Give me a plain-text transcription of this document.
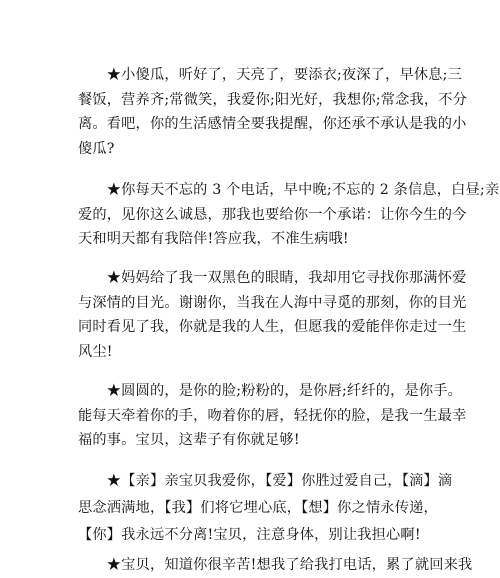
　　★小傻瓜，听好了，天亮了，要添衣;夜深了，早休息;三
餐饭，营养齐;常微笑，我爱你;阳光好，我想你;常念我，不分
离。看吧，你的生活感情全要我提醒，你还承不承认是我的小
傻瓜?
　　★你每天不忘的 3 个电话，早中晚;不忘的 2 条信息，白昼;亲
爱的，见你这么诚恳，那我也要给你一个承诺：让你今生的今
天和明天都有我陪伴!答应我，不准生病哦!
　　★妈妈给了我一双黑色的眼睛，我却用它寻找你那满怀爱
与深情的目光。谢谢你，当我在人海中寻觅的那刻，你的目光
同时看见了我，你就是我的人生，但愿我的爱能伴你走过一生
风尘!
　　★圆圆的，是你的脸;粉粉的，是你唇;纤纤的，是你手。
能每天牵着你的手，吻着你的唇，轻抚你的脸，是我一生最幸
福的事。宝贝，这辈子有你就足够!
　　★【亲】亲宝贝我爱你，【爱】你胜过爱自己，【滴】滴
思念洒满地，【我】们将它埋心底，【想】你之情永传递，
【你】我永远不分离!宝贝，注意身体，别让我担心啊!
　　★宝贝，知道你很辛苦!想我了给我打电话，累了就回来我
